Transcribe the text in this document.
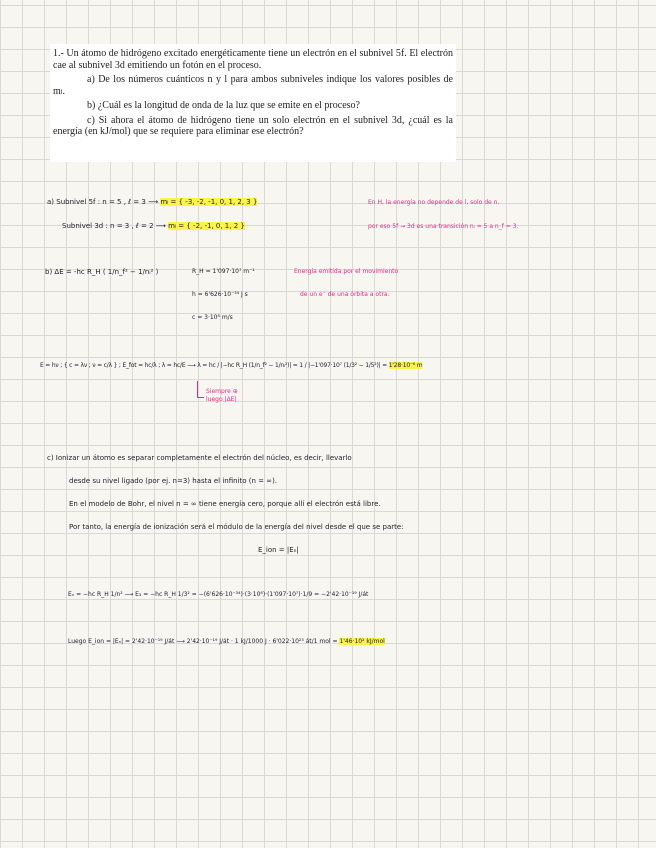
1.- Un átomo de hidrógeno excitado energéticamente tiene un electrón en el subnivel 5f. El electrón cae al subnivel 3d emitiendo un fotón en el proceso.

a) De los números cuánticos n y l para ambos subniveles indique los valores posibles de mₗ.

b) ¿Cuál es la longitud de onda de la luz que se emite en el proceso?

c) Si ahora el átomo de hidrógeno tiene un solo electrón en el subnivel 3d, ¿cuál es la energía (en kJ/mol) que se requiere para eliminar ese electrón?

a) Subnivel 5f : n = 5 , ℓ = 3 ⟶ mₗ = { -3, -2, -1, 0, 1, 2, 3 }
Subnivel 3d : n = 3 , ℓ = 2 ⟶ mₗ = { -2, -1, 0, 1, 2 }
En H, la energía no depende de l, solo de n.
por eso 5f → 3d es una transición nᵢ = 5 a n_f = 3.
b) ΔE = -hc R_H ( 1/n_f² − 1/nᵢ² )	R_H = 1'097·10⁷ m⁻¹
h = 6'626·10⁻³⁴ J s
c = 3·10⁸ m/s
Energía emitida por el movimiento
de un e⁻ de una órbita a otra.
E = hν ; { c = λν ; ν = c/λ } ; E_fot = hc/λ ; λ = hc/E ⟶ λ = hc / |−hc R_H (1/n_f² − 1/nᵢ²)| = 1 / |−1'097·10⁷ (1/3² − 1/5²)| = 1'28·10⁻⁶ m
Siempre ⊕ luego |ΔE|
c) Ionizar un átomo es separar completamente el electrón del núcleo, es decir, llevarlo
desde su nivel ligado (por ej. n=3) hasta el infinito (n = ∞).
En el modelo de Bohr, el nivel n = ∞ tiene energía cero, porque allí el electrón está libre.
Por tanto, la energía de ionización será el módulo de la energía del nivel desde el que se parte:
E_ion = |Eₙ|
Eₙ = −hc R_H 1/n² ⟶ E₃ = −hc R_H 1/3² = −(6'626·10⁻³⁴)·(3·10⁸)·(1'097·10⁷)·1/9 = −2'42·10⁻¹⁹ J/át
Luego E_ion = |Eₙ| = 2'42·10⁻¹⁹ J/át ⟶ 2'42·10⁻¹⁹ J/át · 1 kJ/1000 J · 6'022·10²³ át/1 mol = 1'46·10² kJ/mol
